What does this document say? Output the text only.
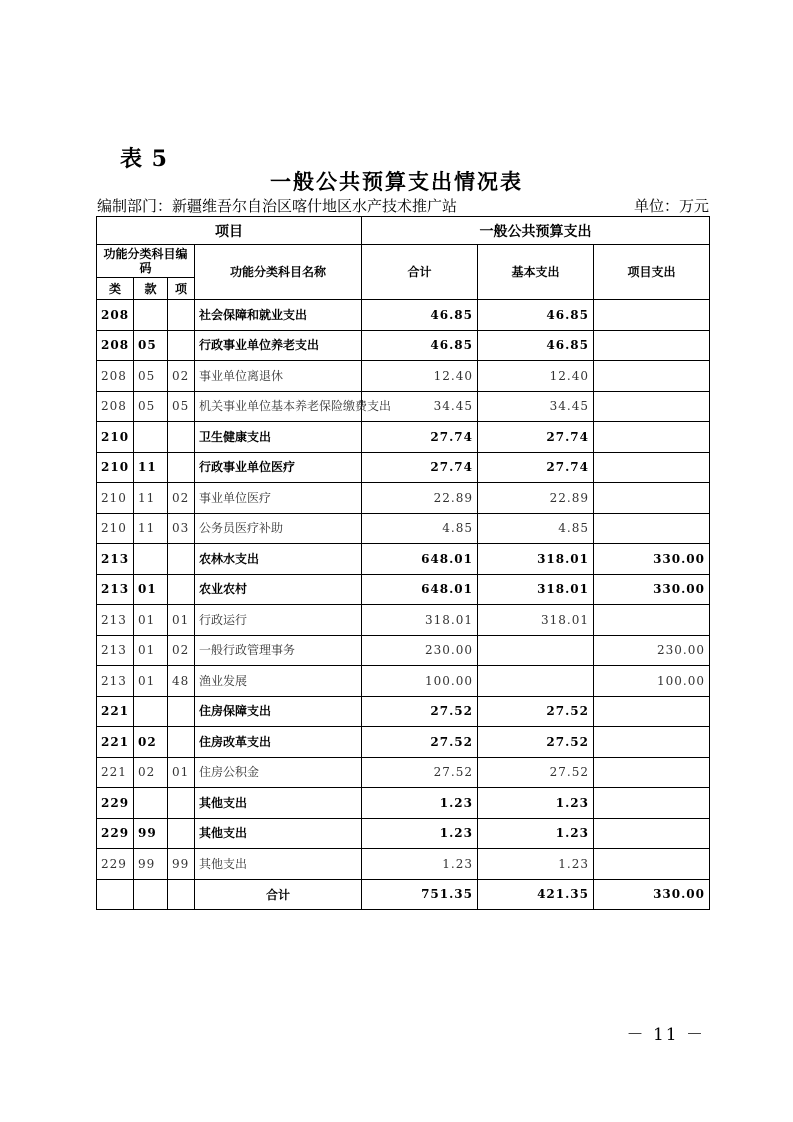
表 5
一般公共预算支出情况表
编制部门：新疆维吾尔自治区喀什地区水产技术推广站	单位：万元
项目				一般公共预算支出		
功能分类科目编码			功能分类科目名称	合计	基本支出	项目支出
类	款	项				
208			社会保障和就业支出	46.85	46.85	
208	05		行政事业单位养老支出	46.85	46.85	
208	05	02	事业单位离退休	12.40	12.40	
208	05	05	机关事业单位基本养老保险缴费支出	34.45	34.45	
210			卫生健康支出	27.74	27.74	
210	11		行政事业单位医疗	27.74	27.74	
210	11	02	事业单位医疗	22.89	22.89	
210	11	03	公务员医疗补助	4.85	4.85	
213			农林水支出	648.01	318.01	330.00
213	01		农业农村	648.01	318.01	330.00
213	01	01	行政运行	318.01	318.01	
213	01	02	一般行政管理事务	230.00		230.00
213	01	48	渔业发展	100.00		100.00
221			住房保障支出	27.52	27.52	
221	02		住房改革支出	27.52	27.52	
221	02	01	住房公积金	27.52	27.52	
229			其他支出	1.23	1.23	
229	99		其他支出	1.23	1.23	
229	99	99	其他支出	1.23	1.23	
			合计	751.35	421.35	330.00
－ 11 －
